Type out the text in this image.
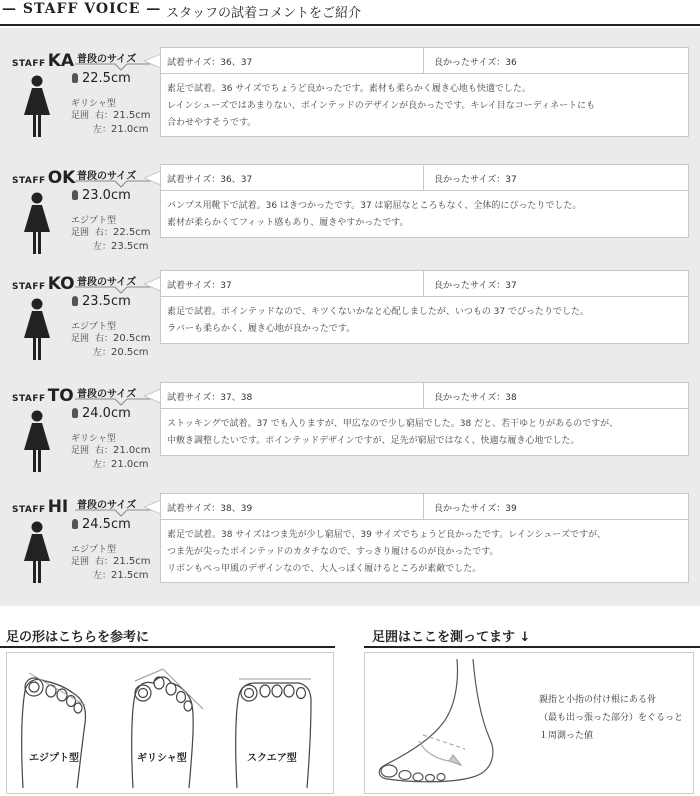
— STAFF VOICE — スタッフの試着コメントをご紹介
STAFF KA 普段のサイズ
22.5cm
ギリシャ型
足囲 右：21.5cm
左：21.0cm
試着サイズ：36、37	良かったサイズ：36
素足で試着。36 サイズでちょうど良かったです。素材も柔らかく履き心地も快適でした。
レインシューズではあまりない、ポインテッドのデザインが良かったです。キレイ目なコーディネートにも
合わせやすそうです。
STAFF OK 普段のサイズ
23.0cm
エジプト型
足囲 右：22.5cm
左：23.5cm
試着サイズ：36、37	良かったサイズ：37
パンプス用靴下で試着。36 はきつかったです。37 は窮屈なところもなく、全体的にぴったりでした。
素材が柔らかくてフィット感もあり、履きやすかったです。
STAFF KO 普段のサイズ
23.5cm
エジプト型
足囲 右：20.5cm
左：20.5cm
試着サイズ：37	良かったサイズ：37
素足で試着。ポインテッドなので、キツくないかなと心配しましたが、いつもの 37 でぴったりでした。
ラバーも柔らかく、履き心地が良かったです。
STAFF TO 普段のサイズ
24.0cm
ギリシャ型
足囲 右：21.0cm
左：21.0cm
試着サイズ：37、38	良かったサイズ：38
ストッキングで試着。37 でも入りますが、甲広なので少し窮屈でした。38 だと、若干ゆとりがあるのですが、
中敷き調整したいです。ポインテッドデザインですが、足先が窮屈ではなく、快適な履き心地でした。
STAFF HI 普段のサイズ
24.5cm
エジプト型
足囲 右：21.5cm
左：21.5cm
試着サイズ：38、39	良かったサイズ：39
素足で試着。38 サイズはつま先が少し窮屈で、39 サイズでちょうど良かったです。レインシューズですが、
つま先が尖ったポインテッドのカタチなので、すっきり履けるのが良かったです。
リボンもぺっ甲風のデザインなので、大人っぽく履けるところが素敵でした。
足の形はこちらを参考に
エジプト型	ギリシャ型	スクエア型
足囲はここを測ってます ↓
親指と小指の付け根にある骨
（最も出っ張った部分）をぐるっと
１周測った値
